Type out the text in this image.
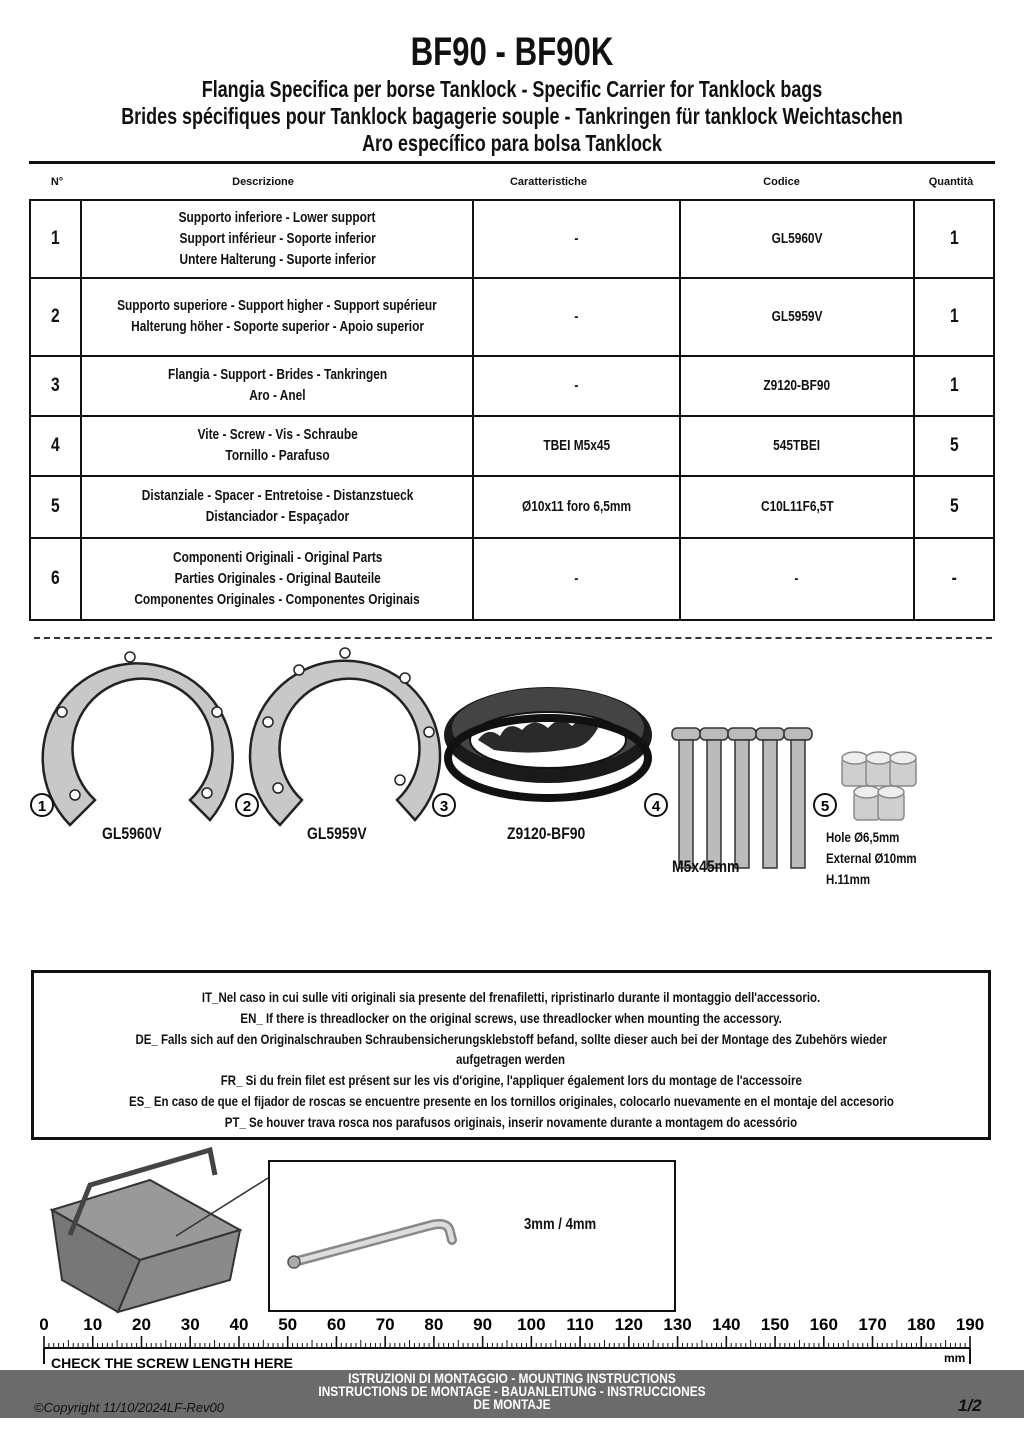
BF90 - BF90K
Flangia Specifica per borse Tanklock - Specific Carrier for Tanklock bags
Brides spécifiques pour Tanklock bagagerie souple - Tankringen für tanklock Weichtaschen
Aro específico para bolsa Tanklock
N°	Descrizione	Caratteristiche	Codice	Quantità
1	Supporto inferiore - Lower support
Support inférieur - Soporte inferior
Untere Halterung - Suporte inferior	-	GL5960V	1
2	Supporto superiore - Support higher - Support supérieur
Halterung höher - Soporte superior - Apoio superior	-	GL5959V	1
3	Flangia - Support - Brides - Tankringen
Aro - Anel	-	Z9120-BF90	1
4	Vite - Screw - Vis - Schraube
Tornillo - Parafuso	TBEI M5x45	545TBEI	5
5	Distanziale - Spacer - Entretoise - Distanzstueck
Distanciador - Espaçador	Ø10x11 foro 6,5mm	C10L11F6,5T	5
6	Componenti Originali - Original Parts
Parties Originales - Original Bauteile
Componentes Originales - Componentes Originais	-	-	-
1	2	3	4	5
GL5960V	GL5959V	Z9120-BF90
M5x45mm
Hole Ø6,5mm
External Ø10mm
H.11mm
IT_Nel caso in cui sulle viti originali sia presente del frenafiletti, ripristinarlo durante il montaggio dell'accessorio.
EN_ If there is threadlocker on the original screws, use threadlocker when mounting the accessory.
DE_ Falls sich auf den Originalschrauben Schraubensicherungsklebstoff befand, sollte dieser auch bei der Montage des Zubehörs wieder
aufgetragen werden
FR_ Si du frein filet est présent sur les vis d'origine, l'appliquer également lors du montage de l'accessoire
ES_ En caso de que el fijador de roscas se encuentre presente en los tornillos originales, colocarlo nuevamente en el montaje del accesorio
PT_ Se houver trava rosca nos parafusos originais, inserir novamente durante a montagem do acessório
3mm / 4mm
0 10 20 30 40 50 60 70 80 90 100 110 120 130 140 150 160 170 180 190
CHECK THE SCREW LENGTH HERE	mm
ISTRUZIONI DI MONTAGGIO - MOUNTING INSTRUCTIONS
INSTRUCTIONS DE MONTAGE - BAUANLEITUNG - INSTRUCCIONES
DE MONTAJE
©Copyright 11/10/2024LF-Rev00	1/2
